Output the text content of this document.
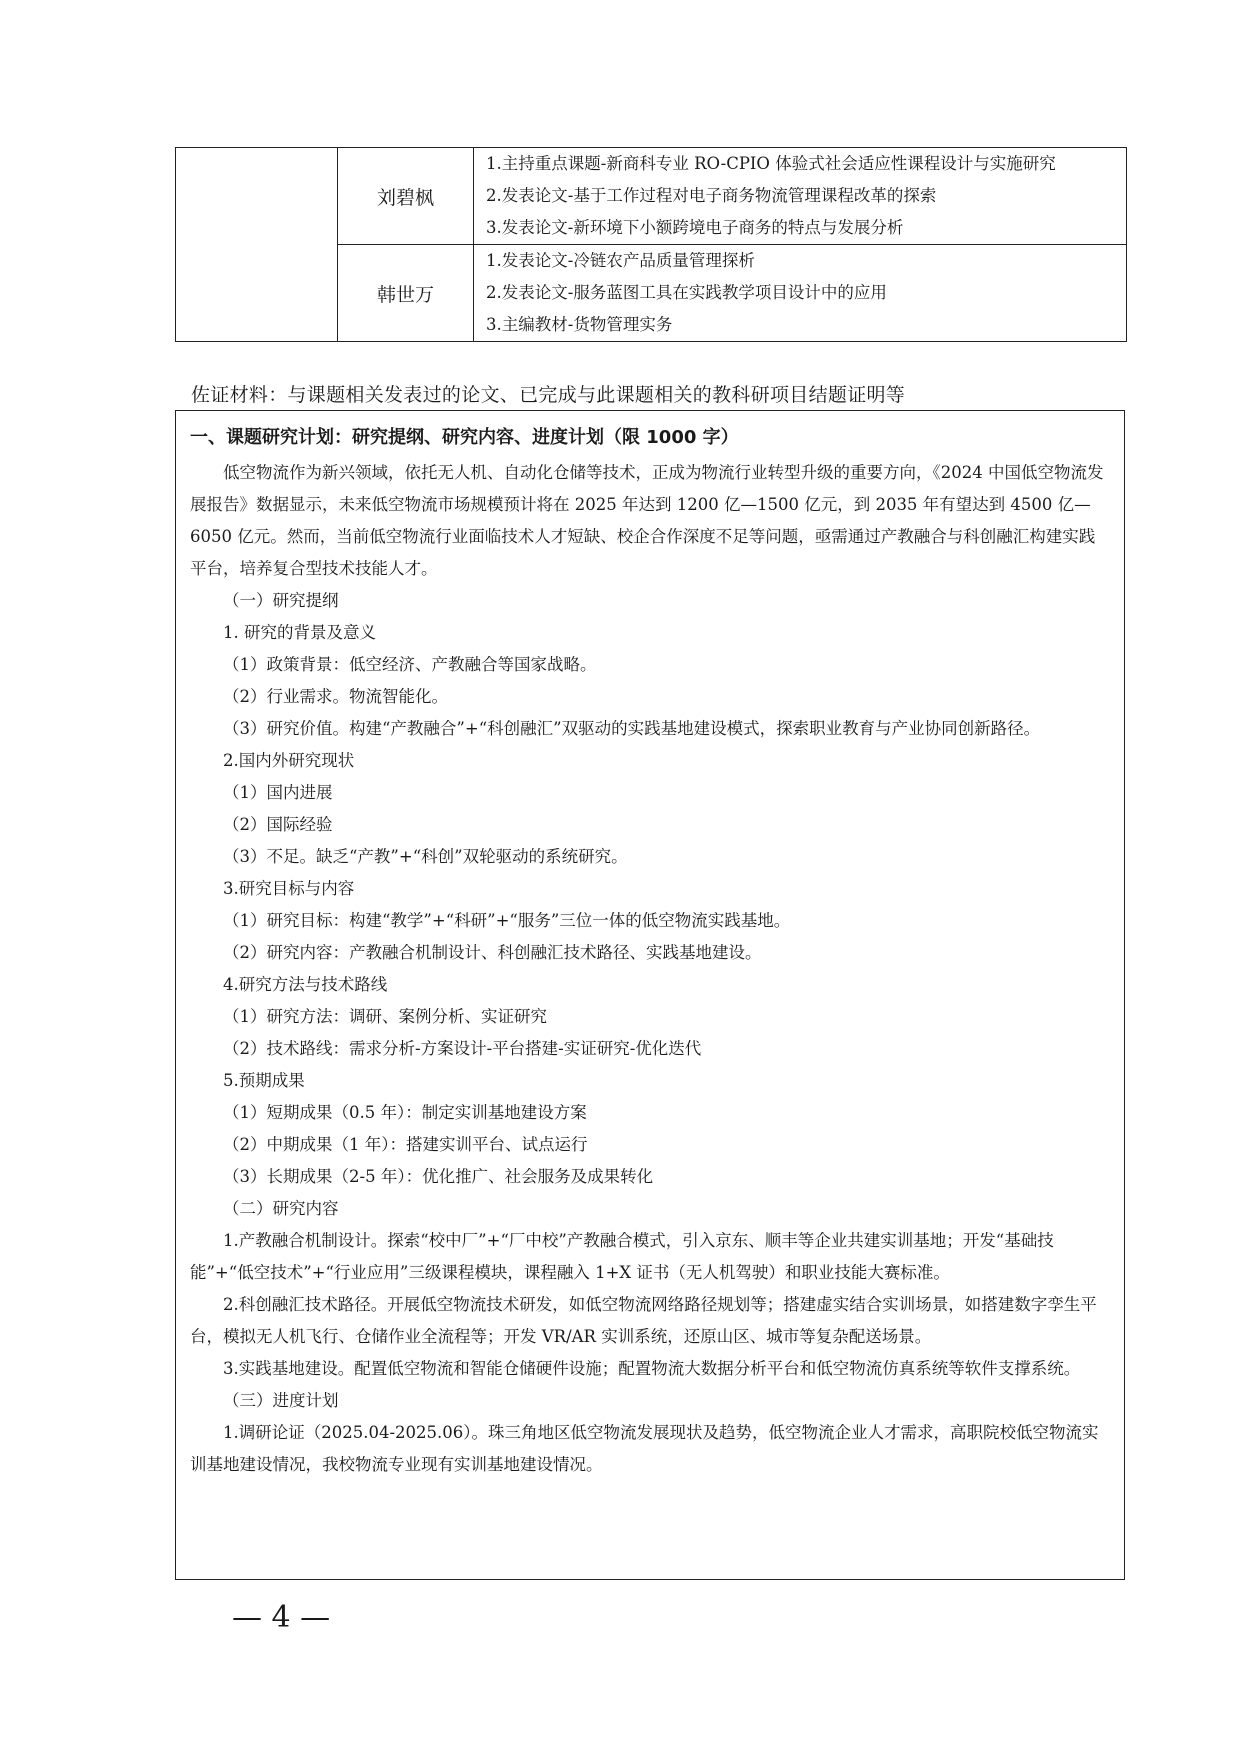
	刘碧枫	1.主持重点课题-新商科专业 RO-CPIO 体验式社会适应性课程设计与实施研究
2.发表论文-基于工作过程对电子商务物流管理课程改革的探索
3.发表论文-新环境下小额跨境电子商务的特点与发展分析

	韩世万	1.发表论文-冷链农产品质量管理探析
2.发表论文-服务蓝图工具在实践教学项目设计中的应用
3.主编教材-货物管理实务
佐证材料：与课题相关发表过的论文、已完成与此课题相关的教科研项目结题证明等
一、课题研究计划：研究提纲、研究内容、进度计划（限 1000 字）

低空物流作为新兴领域，依托无人机、自动化仓储等技术，正成为物流行业转型升级的重要方向，《2024 中国低空物流发展报告》数据显示，未来低空物流市场规模预计将在 2025 年达到 1200 亿—1500 亿元，到 2035 年有望达到 4500 亿—6050 亿元。然而，当前低空物流行业面临技术人才短缺、校企合作深度不足等问题，亟需通过产教融合与科创融汇构建实践平台，培养复合型技术技能人才。

（一）研究提纲

1. 研究的背景及意义

（1）政策背景：低空经济、产教融合等国家战略。

（2）行业需求。物流智能化。

（3）研究价值。构建“产教融合”+“科创融汇”双驱动的实践基地建设模式，探索职业教育与产业协同创新路径。

2.国内外研究现状

（1）国内进展

（2）国际经验

（3）不足。缺乏“产教”+“科创”双轮驱动的系统研究。

3.研究目标与内容

（1）研究目标：构建“教学”+“科研”+“服务”三位一体的低空物流实践基地。

（2）研究内容：产教融合机制设计、科创融汇技术路径、实践基地建设。

4.研究方法与技术路线

（1）研究方法：调研、案例分析、实证研究

（2）技术路线：需求分析-方案设计-平台搭建-实证研究-优化迭代

5.预期成果

（1）短期成果（0.5 年）：制定实训基地建设方案

（2）中期成果（1 年）：搭建实训平台、试点运行

（3）长期成果（2-5 年）：优化推广、社会服务及成果转化

（二）研究内容

1.产教融合机制设计。探索“校中厂”+“厂中校”产教融合模式，引入京东、顺丰等企业共建实训基地；开发“基础技能”+“低空技术”+“行业应用”三级课程模块，课程融入 1+X 证书（无人机驾驶）和职业技能大赛标准。

2.科创融汇技术路径。开展低空物流技术研发，如低空物流网络路径规划等；搭建虚实结合实训场景，如搭建数字孪生平台，模拟无人机飞行、仓储作业全流程等；开发 VR/AR 实训系统，还原山区、城市等复杂配送场景。

3.实践基地建设。配置低空物流和智能仓储硬件设施；配置物流大数据分析平台和低空物流仿真系统等软件支撑系统。

（三）进度计划

1.调研论证（2025.04-2025.06）。珠三角地区低空物流发展现状及趋势，低空物流企业人才需求，高职院校低空物流实训基地建设情况，我校物流专业现有实训基地建设情况。

— 4 —
